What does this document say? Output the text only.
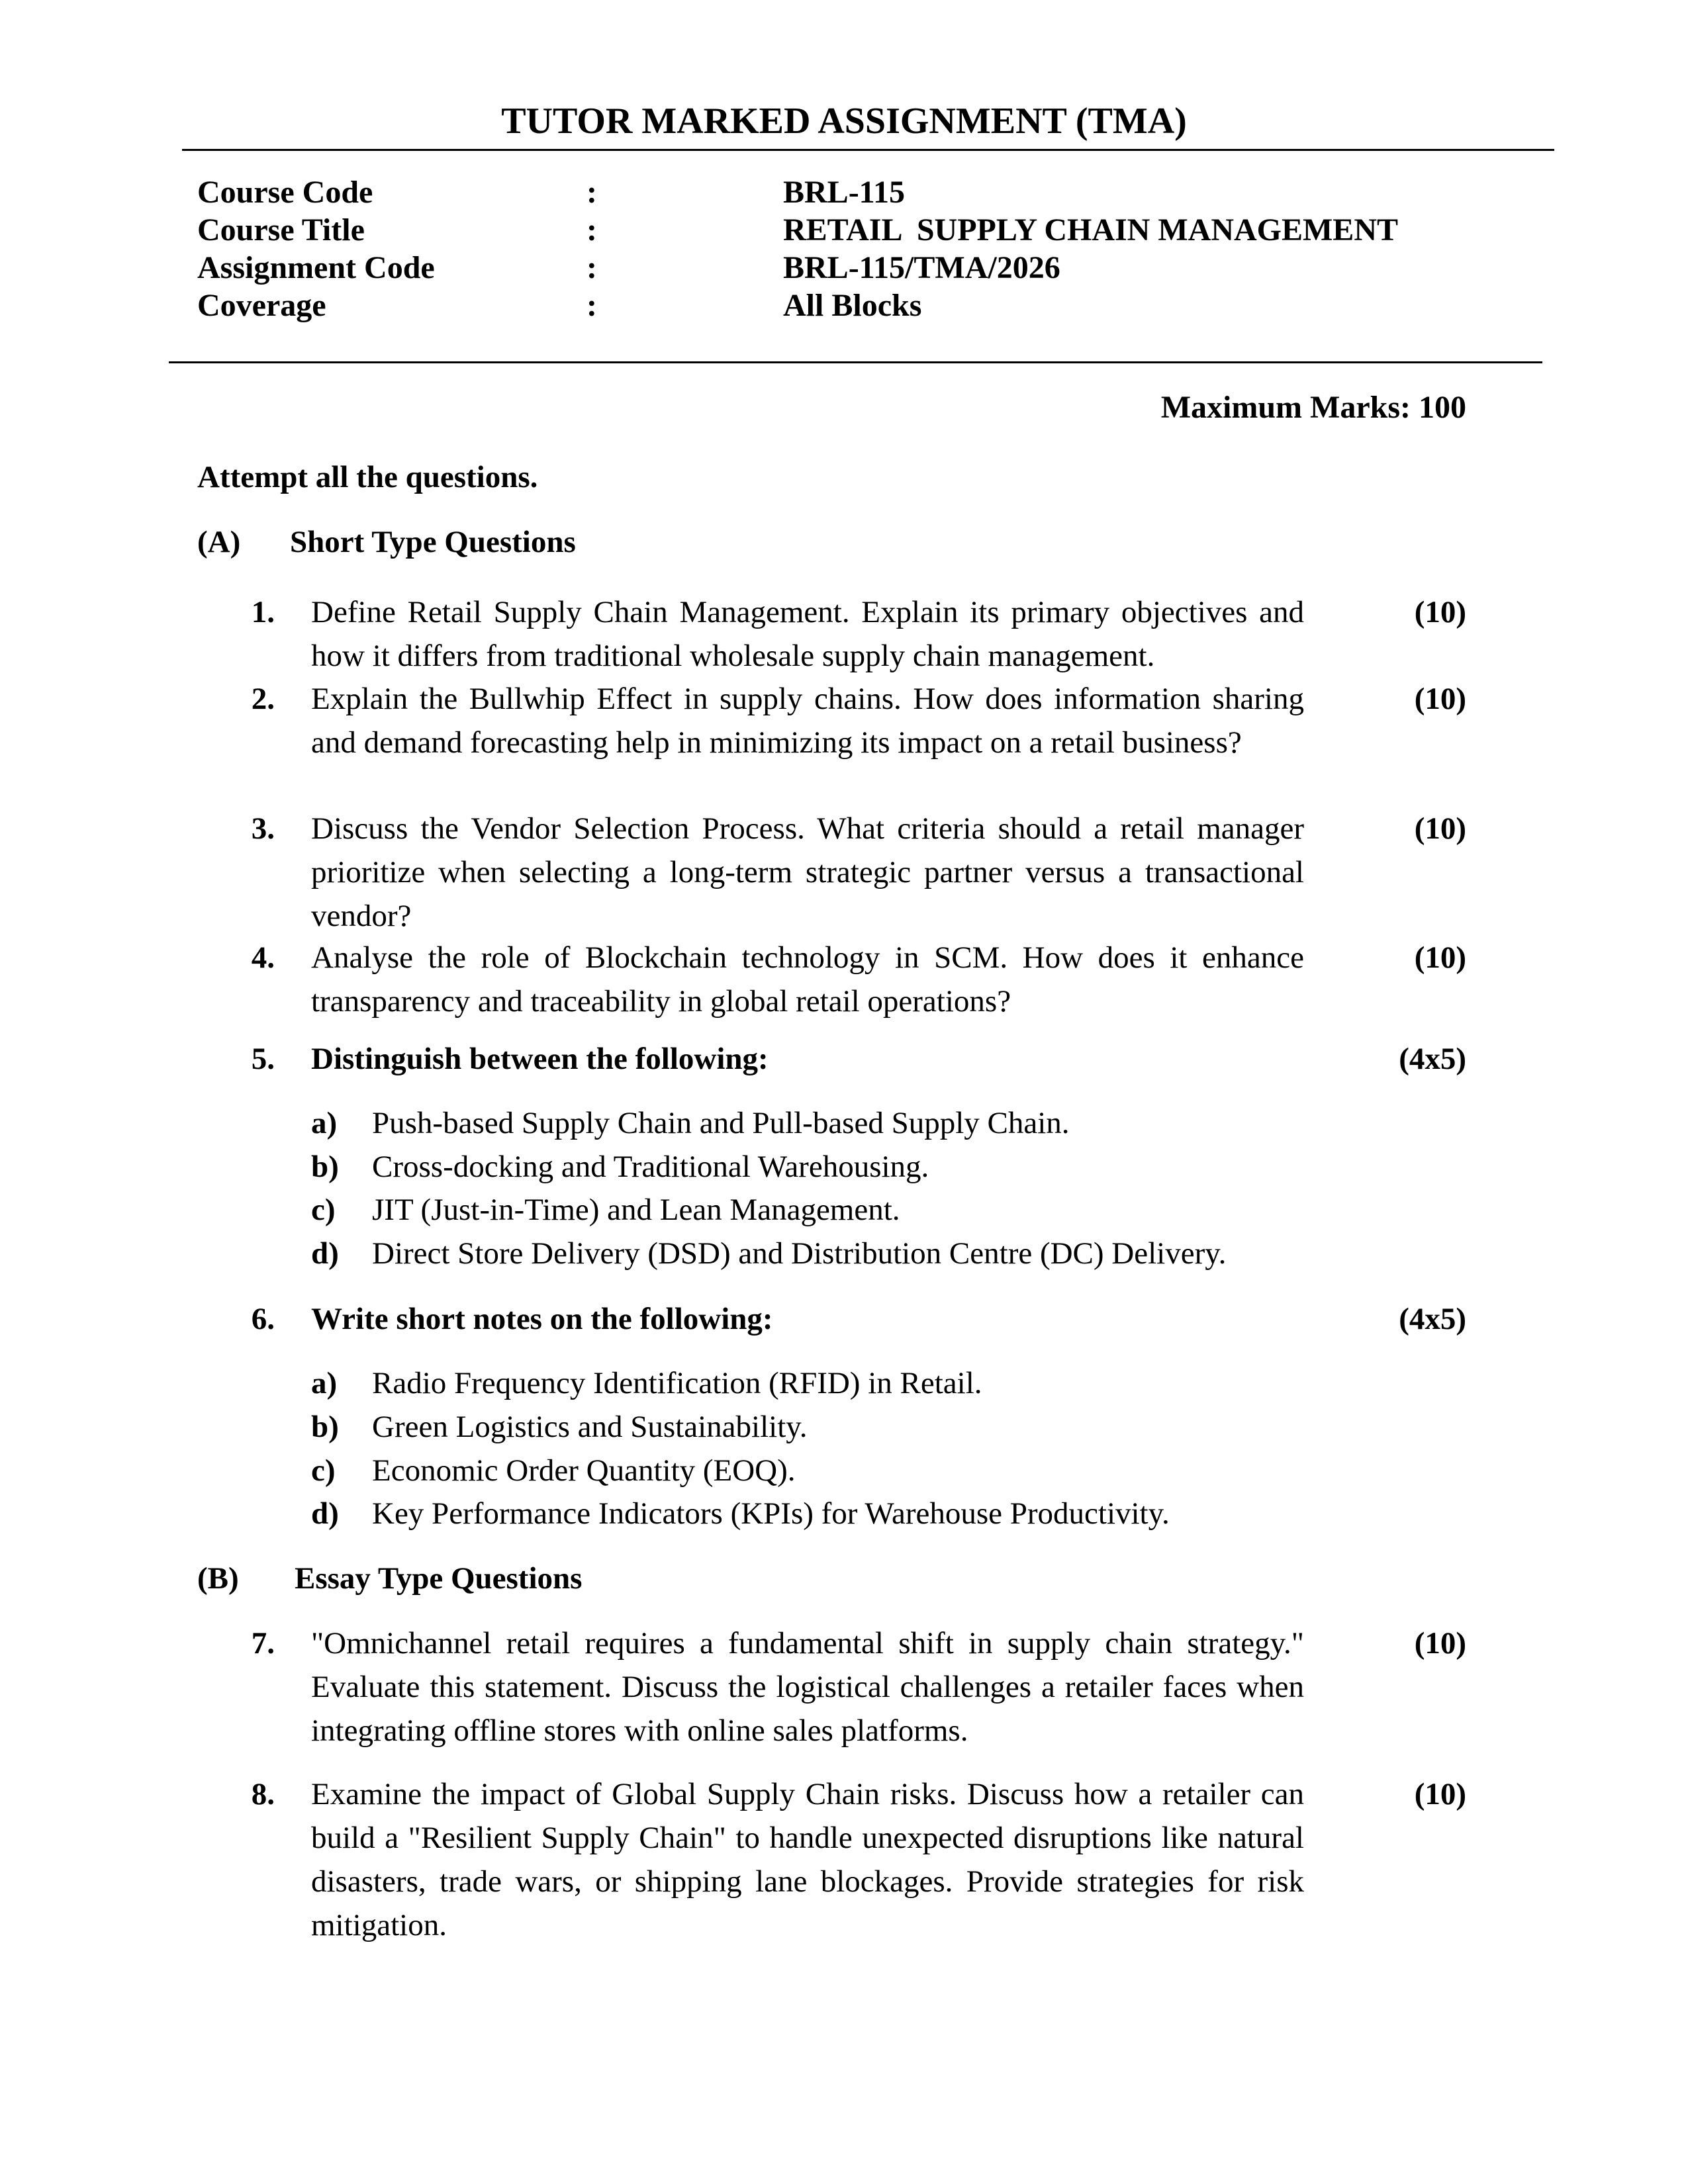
TUTOR MARKED ASSIGNMENT (TMA)
Course Code	:	BRL-115
Course Title	:	RETAIL  SUPPLY CHAIN MANAGEMENT
Assignment Code	:	BRL-115/TMA/2026
Coverage	:	All Blocks
Maximum Marks: 100
Attempt all the questions.
(A) Short Type Questions
1. Define Retail Supply Chain Management. Explain its primary objectives and how it differs from traditional wholesale supply chain management.
(10)
2. Explain the Bullwhip Effect in supply chains. How does information sharing and demand forecasting help in minimizing its impact on a retail business?
(10)
3. Discuss the Vendor Selection Process. What criteria should a retail manager prioritize when selecting a long-term strategic partner versus a transactional vendor?
(10)
4. Analyse the role of Blockchain technology in SCM. How does it enhance transparency and traceability in global retail operations?
(10)
5. Distinguish between the following:	(4x5)
a) Push-based Supply Chain and Pull-based Supply Chain.
b) Cross-docking and Traditional Warehousing.
c) JIT (Just-in-Time) and Lean Management.
d) Direct Store Delivery (DSD) and Distribution Centre (DC) Delivery.
6. Write short notes on the following:	(4x5)
a) Radio Frequency Identification (RFID) in Retail.
b) Green Logistics and Sustainability.
c) Economic Order Quantity (EOQ).
d) Key Performance Indicators (KPIs) for Warehouse Productivity.
(B) Essay Type Questions
7. "Omnichannel retail requires a fundamental shift in supply chain strategy." Evaluate this statement. Discuss the logistical challenges a retailer faces when integrating offline stores with online sales platforms.
(10)
8. Examine the impact of Global Supply Chain risks. Discuss how a retailer can build a "Resilient Supply Chain" to handle unexpected disruptions like natural disasters, trade wars, or shipping lane blockages. Provide strategies for risk mitigation.
(10)
